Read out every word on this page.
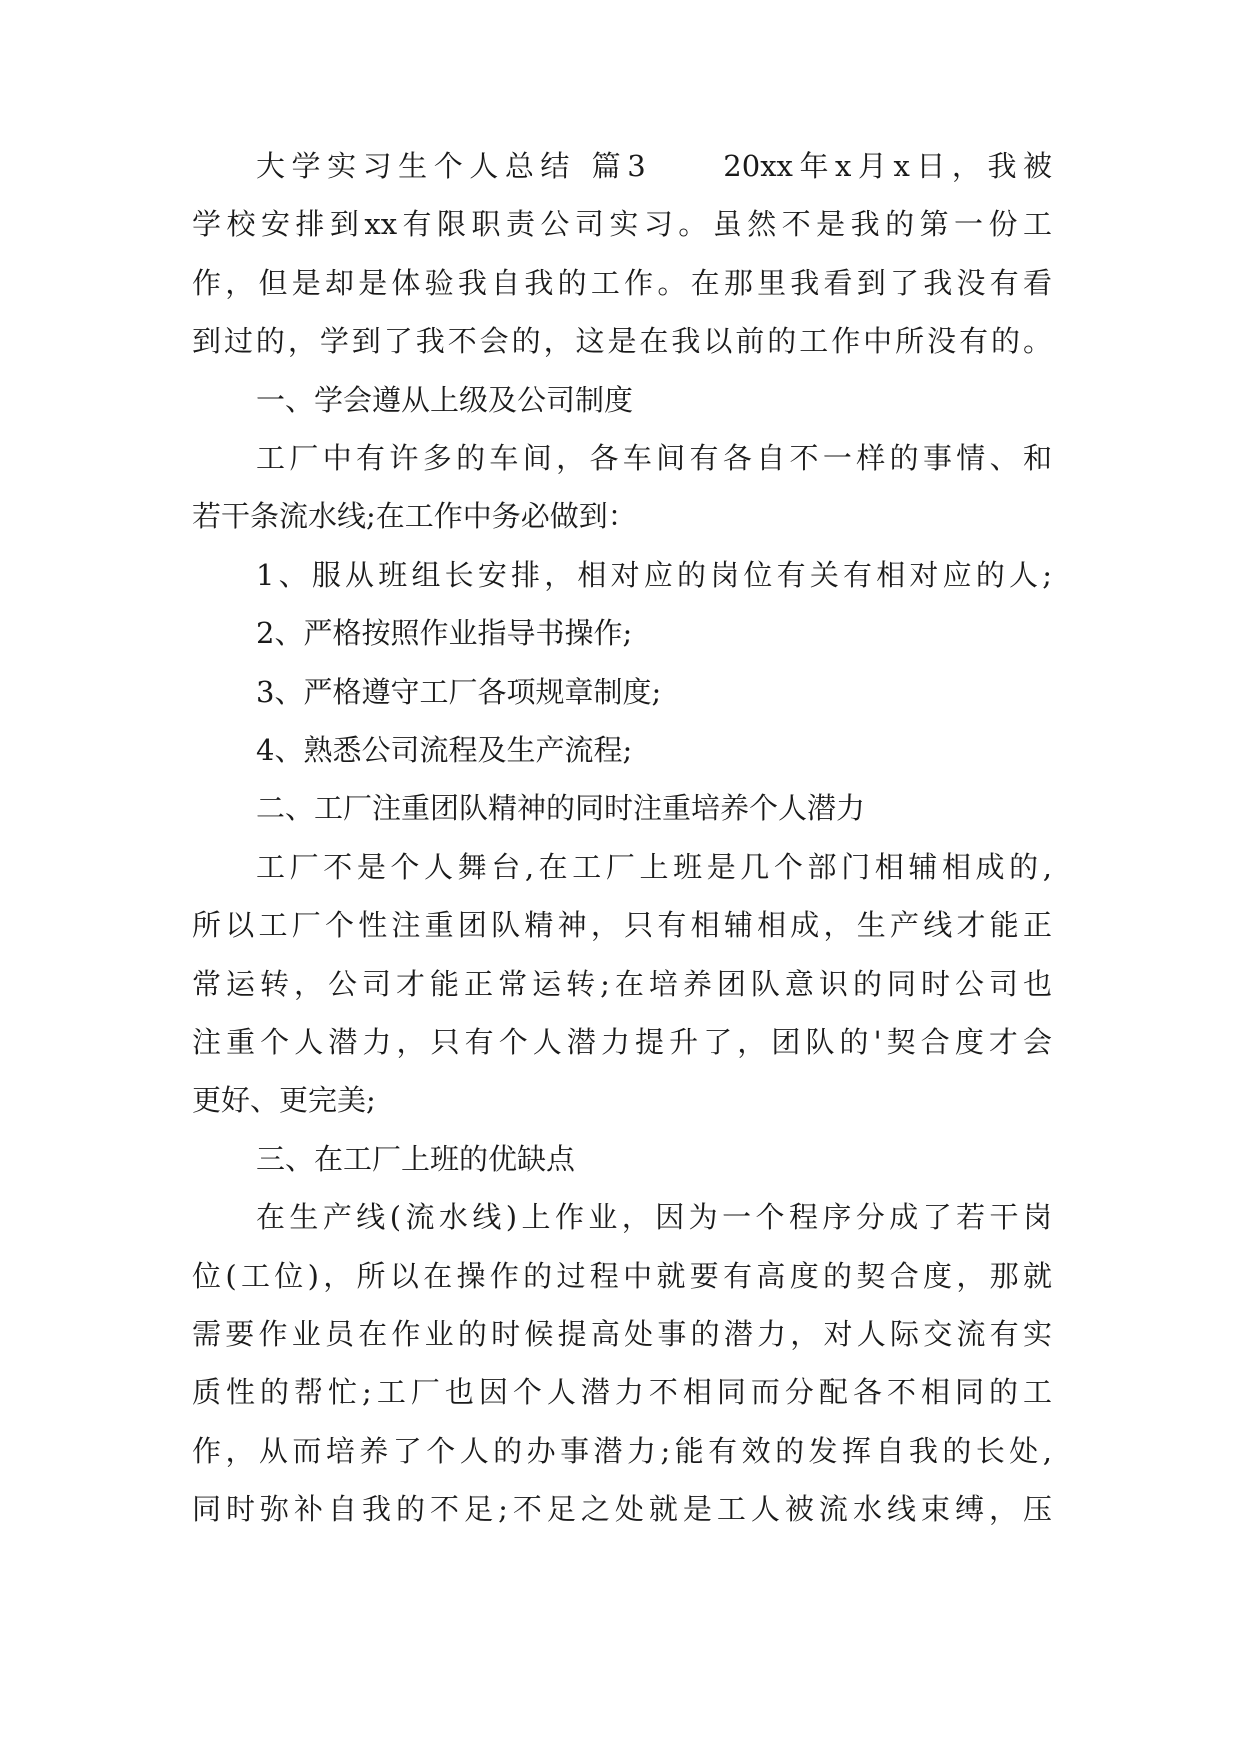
大学实习生个人总结 篇3　　20xx年x月x日，我被
学校安排到xx有限职责公司实习。虽然不是我的第一份工
作，但是却是体验我自我的工作。在那里我看到了我没有看
到过的，学到了我不会的，这是在我以前的工作中所没有的。
一、学会遵从上级及公司制度
工厂中有许多的车间，各车间有各自不一样的事情、和
若干条流水线;在工作中务必做到：
1、服从班组长安排，相对应的岗位有关有相对应的人;
2、严格按照作业指导书操作;
3、严格遵守工厂各项规章制度;
4、熟悉公司流程及生产流程;
二、工厂注重团队精神的同时注重培养个人潜力
工厂不是个人舞台,在工厂上班是几个部门相辅相成的,
所以工厂个性注重团队精神，只有相辅相成，生产线才能正
常运转，公司才能正常运转;在培养团队意识的同时公司也
注重个人潜力，只有个人潜力提升了，团队的'契合度才会
更好、更完美;
三、在工厂上班的优缺点
在生产线(流水线)上作业，因为一个程序分成了若干岗
位(工位)，所以在操作的过程中就要有高度的契合度，那就
需要作业员在作业的时候提高处事的潜力，对人际交流有实
质性的帮忙;工厂也因个人潜力不相同而分配各不相同的工
作，从而培养了个人的办事潜力;能有效的发挥自我的长处,
同时弥补自我的不足;不足之处就是工人被流水线束缚，压
